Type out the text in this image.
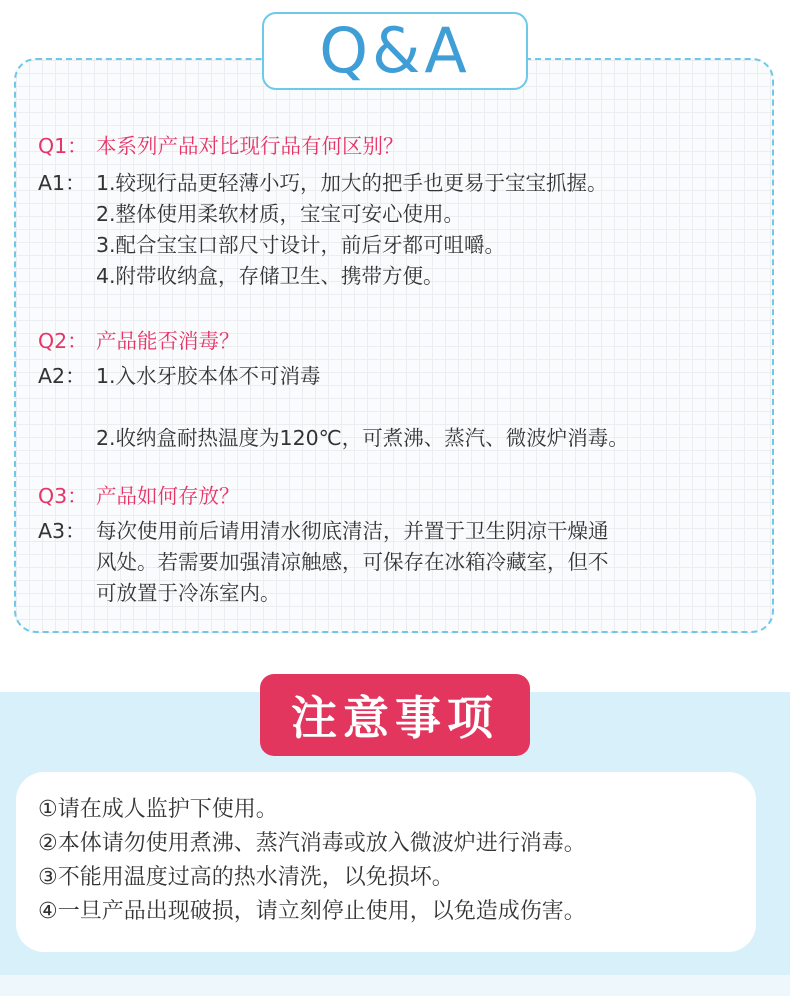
Q&A
Q1： 本系列产品对比现行品有何区别？
A1： 1.较现行品更轻薄小巧，加大的把手也更易于宝宝抓握。
2.整体使用柔软材质，宝宝可安心使用。
3.配合宝宝口部尺寸设计，前后牙都可咀嚼。
4.附带收纳盒，存储卫生、携带方便。
Q2： 产品能否消毒？
A2： 1.入水牙胶本体不可消毒
2.收纳盒耐热温度为120℃，可煮沸、蒸汽、微波炉消毒。
Q3： 产品如何存放？
A3： 每次使用前后请用清水彻底清洁，并置于卫生阴凉干燥通
风处。若需要加强清凉触感，可保存在冰箱冷藏室，但不
可放置于冷冻室内。
注意事项
①请在成人监护下使用。
②本体请勿使用煮沸、蒸汽消毒或放入微波炉进行消毒。
③不能用温度过高的热水清洗，以免损坏。
④一旦产品出现破损，请立刻停止使用，以免造成伤害。
